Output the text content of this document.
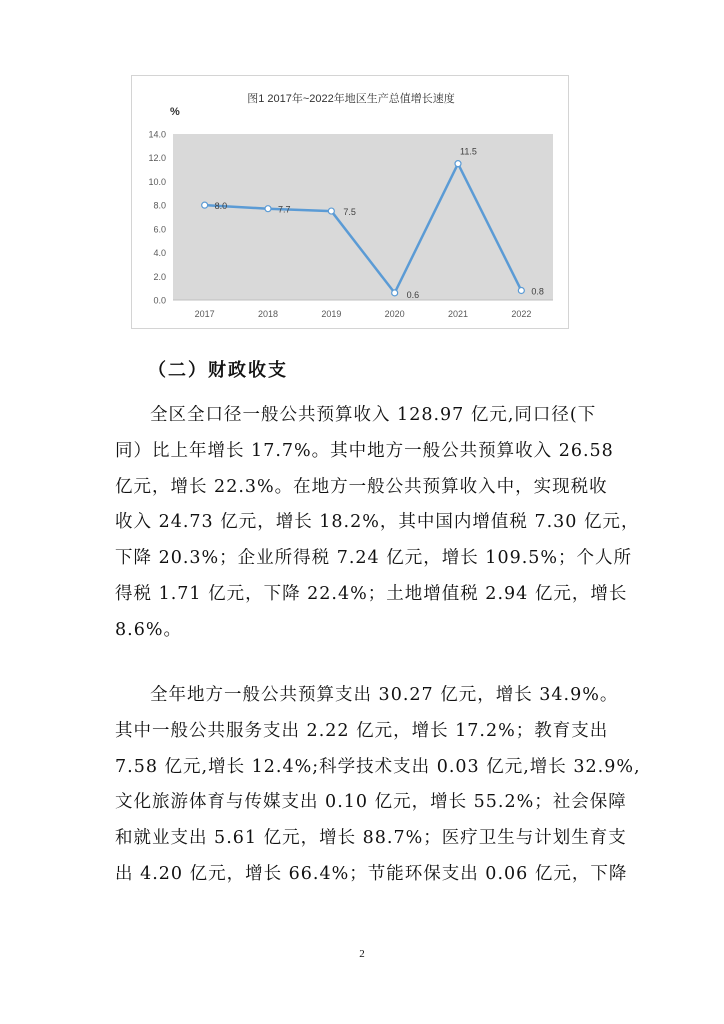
图1 2017年~2022年地区生产总值增长速度
%
0.0
2.0
4.0
6.0
8.0
10.0
12.0
14.0
2017	2018	2019	2020	2021	2022
8.0	7.7	7.5
0.6
11.5
0.8
（二）财政收支

全区全口径一般公共预算收入 128.97 亿元,同口径(下
同）比上年增长 17.7%。其中地方一般公共预算收入 26.58
亿元，增长 22.3%。在地方一般公共预算收入中，实现税收
收入 24.73 亿元，增长 18.2%，其中国内增值税 7.30 亿元，
下降 20.3%；企业所得税 7.24 亿元，增长 109.5%；个人所
得税 1.71 亿元，下降 22.4%；土地增值税 2.94 亿元，增长
8.6%。

全年地方一般公共预算支出 30.27 亿元，增长 34.9%。
其中一般公共服务支出 2.22 亿元，增长 17.2%；教育支出
7.58 亿元,增长 12.4%;科学技术支出 0.03 亿元,增长 32.9%,
文化旅游体育与传媒支出 0.10 亿元，增长 55.2%；社会保障
和就业支出 5.61 亿元，增长 88.7%；医疗卫生与计划生育支
出 4.20 亿元，增长 66.4%；节能环保支出 0.06 亿元，下降

2
